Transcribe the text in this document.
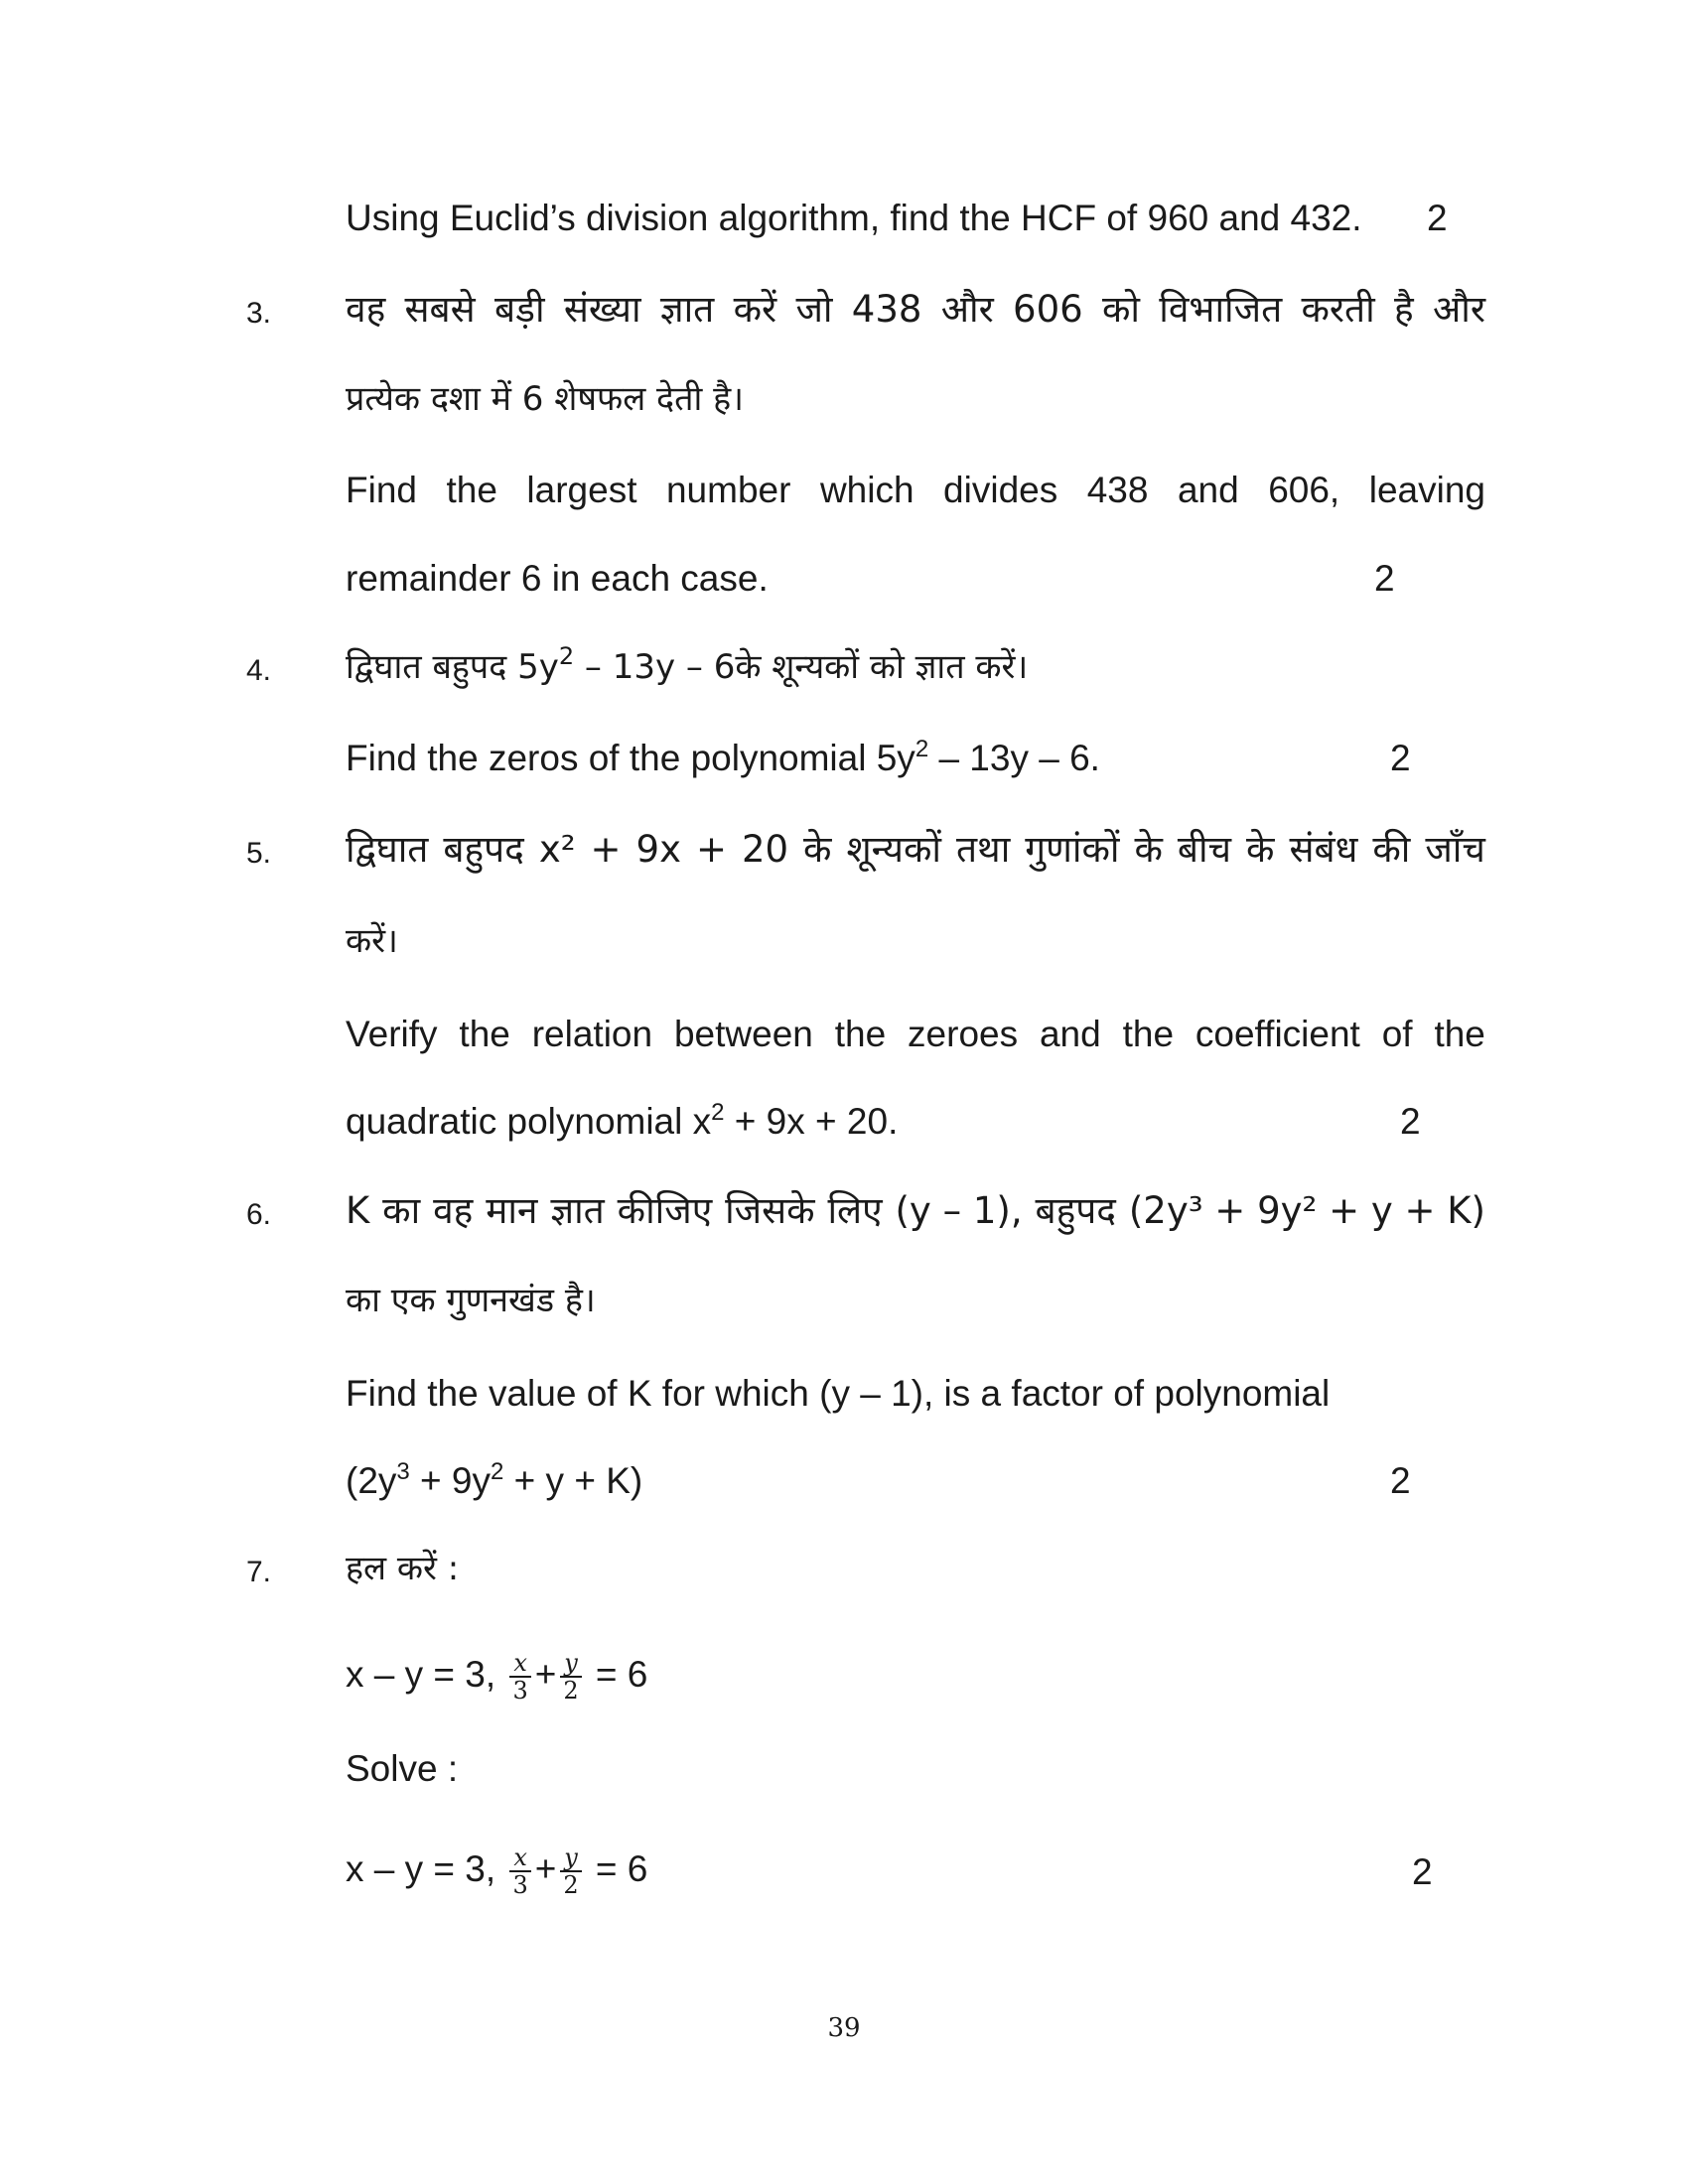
Using Euclid’s division algorithm, find the HCF of 960 and 432. 2
3. वह सबसे बड़ी संख्या ज्ञात करें जो 438 और 606 को विभाजित करती है और
प्रत्येक दशा में 6 शेषफल देती है।
Find the largest number which divides 438 and 606, leaving
remainder 6 in each case.	2
4. द्विघात बहुपद $5y^2 - 13y$ – 6के शून्यकों को ज्ञात करें।
Find the zeros of the polynomial $5y^2 - 13y - 6$.	2
5. द्विघात बहुपद x² + 9x + 20 के शून्यकों तथा गुणांकों के बीच के संबंध की जाँच
करें।
Verify the relation between the zeroes and the coefficient of the
quadratic polynomial $x^2 + 9x + 20$.	2
6. K का वह मान ज्ञात कीजिए जिसके लिए (y – 1), बहुपद (2y³ + 9y² + y + K)
का एक गुणनखंड है।
Find the value of K for which (y – 1), is a factor of polynomial
$(2y^3 + 9y^2 + y + K)$	2
7. हल करें :
x – y = 3, $\frac{x}{3} + \frac{y}{2} = 6$
Solve :
x – y = 3, $\frac{x}{3} + \frac{y}{2} = 6$	2
39
